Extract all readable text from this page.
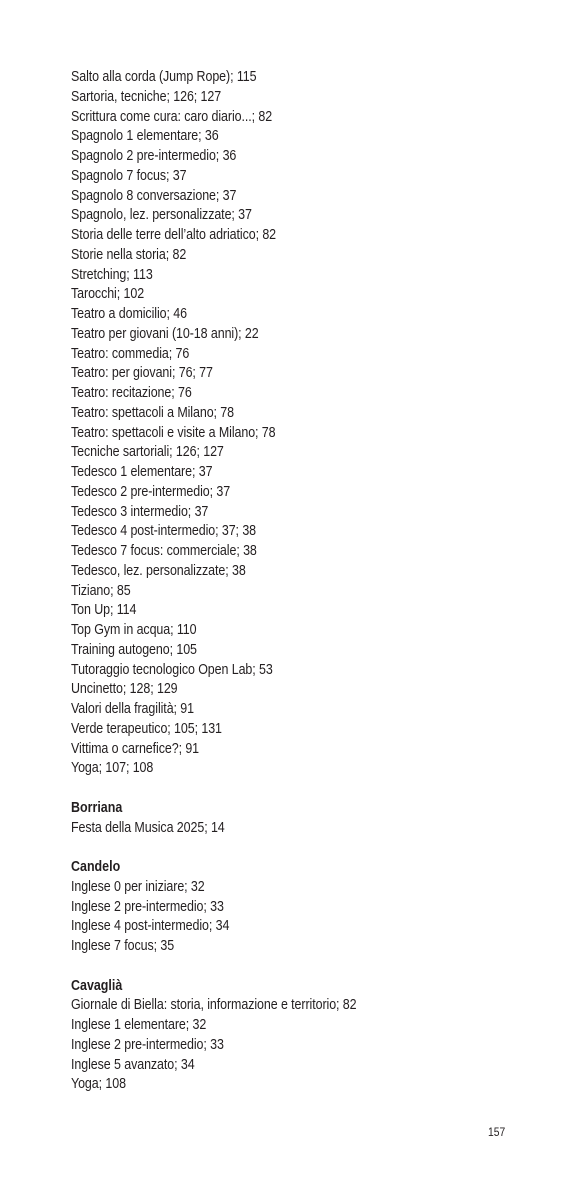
Salto alla corda (Jump Rope); 115
Sartoria, tecniche; 126; 127
Scrittura come cura: caro diario...; 82
Spagnolo 1 elementare; 36
Spagnolo 2 pre-intermedio; 36
Spagnolo 7 focus; 37
Spagnolo 8 conversazione; 37
Spagnolo, lez. personalizzate; 37
Storia delle terre dell’alto adriatico; 82
Storie nella storia; 82
Stretching; 113
Tarocchi; 102
Teatro a domicilio; 46
Teatro per giovani (10-18 anni); 22
Teatro: commedia; 76
Teatro: per giovani; 76; 77
Teatro: recitazione; 76
Teatro: spettacoli a Milano; 78
Teatro: spettacoli e visite a Milano; 78
Tecniche sartoriali; 126; 127
Tedesco 1 elementare; 37
Tedesco 2 pre-intermedio; 37
Tedesco 3 intermedio; 37
Tedesco 4 post-intermedio; 37; 38
Tedesco 7 focus: commerciale; 38
Tedesco, lez. personalizzate; 38
Tiziano; 85
Ton Up; 114
Top Gym in acqua; 110
Training autogeno; 105
Tutoraggio tecnologico Open Lab; 53
Uncinetto; 128; 129
Valori della fragilità; 91
Verde terapeutico; 105; 131
Vittima o carnefice?; 91
Yoga; 107; 108
Borriana
Festa della Musica 2025; 14
Candelo
Inglese 0 per iniziare; 32
Inglese 2 pre-intermedio; 33
Inglese 4 post-intermedio; 34
Inglese 7 focus; 35
Cavaglià
Giornale di Biella: storia, informazione e territorio; 82
Inglese 1 elementare; 32
Inglese 2 pre-intermedio; 33
Inglese 5 avanzato; 34
Yoga; 108
157
